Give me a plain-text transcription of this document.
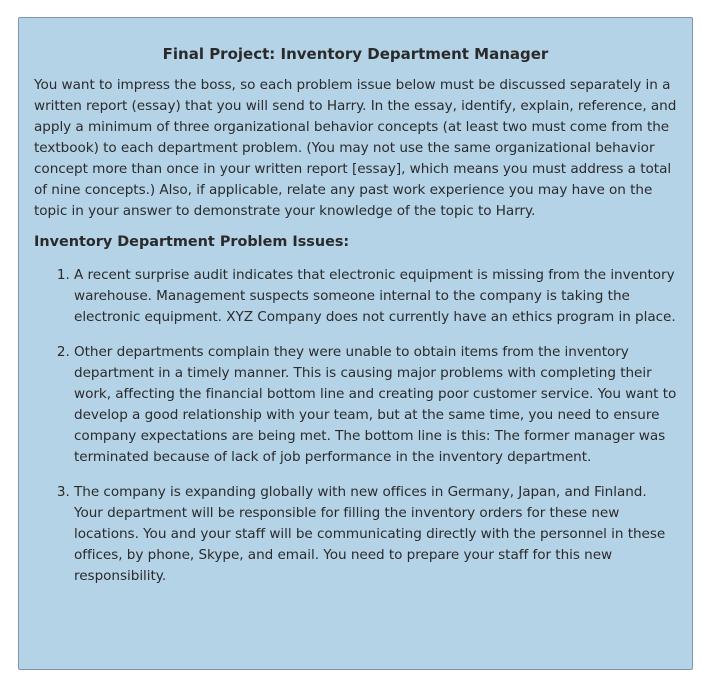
Final Project: Inventory Department Manager

You want to impress the boss, so each problem issue below must be discussed separately in a written report (essay) that you will send to Harry. In the essay, identify, explain, reference, and apply a minimum of three organizational behavior concepts (at least two must come from the textbook) to each department problem. (You may not use the same organizational behavior concept more than once in your written report [essay], which means you must address a total of nine concepts.) Also, if applicable, relate any past work experience you may have on the topic in your answer to demonstrate your knowledge of the topic to Harry.

Inventory Department Problem Issues:
1. A recent surprise audit indicates that electronic equipment is missing from the inventory warehouse. Management suspects someone internal to the company is taking the electronic equipment. XYZ Company does not currently have an ethics program in place.
2. Other departments complain they were unable to obtain items from the inventory department in a timely manner. This is causing major problems with completing their work, affecting the financial bottom line and creating poor customer service. You want to develop a good relationship with your team, but at the same time, you need to ensure company expectations are being met. The bottom line is this: The former manager was terminated because of lack of job performance in the inventory department.
3. The company is expanding globally with new offices in Germany, Japan, and Finland. Your department will be responsible for filling the inventory orders for these new locations. You and your staff will be communicating directly with the personnel in these offices, by phone, Skype, and email. You need to prepare your staff for this new responsibility.
